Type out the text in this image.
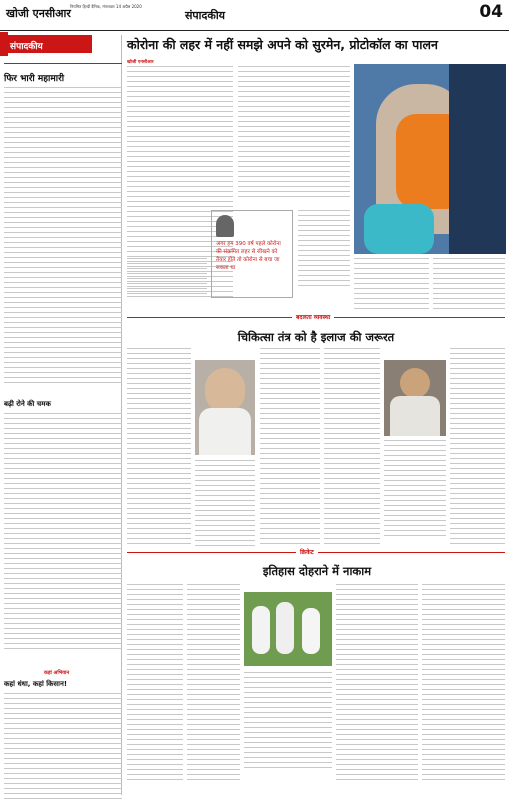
खोजी एनसीआर
नियमित हिन्दी दैनिक, मंगलवार 14 अप्रैल 2020
संपादकीय	04
संपादकीय
फिर भारी महामारी
बढ़ी रोने की चमक
कहां अभियान
कहां धंधा, कहां किसान!
कोरोना की लहर में नहीं समझे अपने को सुरमेन, प्रोटोकॉल का पालन
खोजी एनसीआर
अगर हम 390 वर्ष पहले कोरोना की संक्रमित लहर से सीखने को तैयार होते तो कोरोना से बचा जा सकता था
बदलता व्यवस्था
चिकित्सा तंत्र को है इलाज की जरूरत
क्रिकेट
इतिहास दोहराने में नाकाम
